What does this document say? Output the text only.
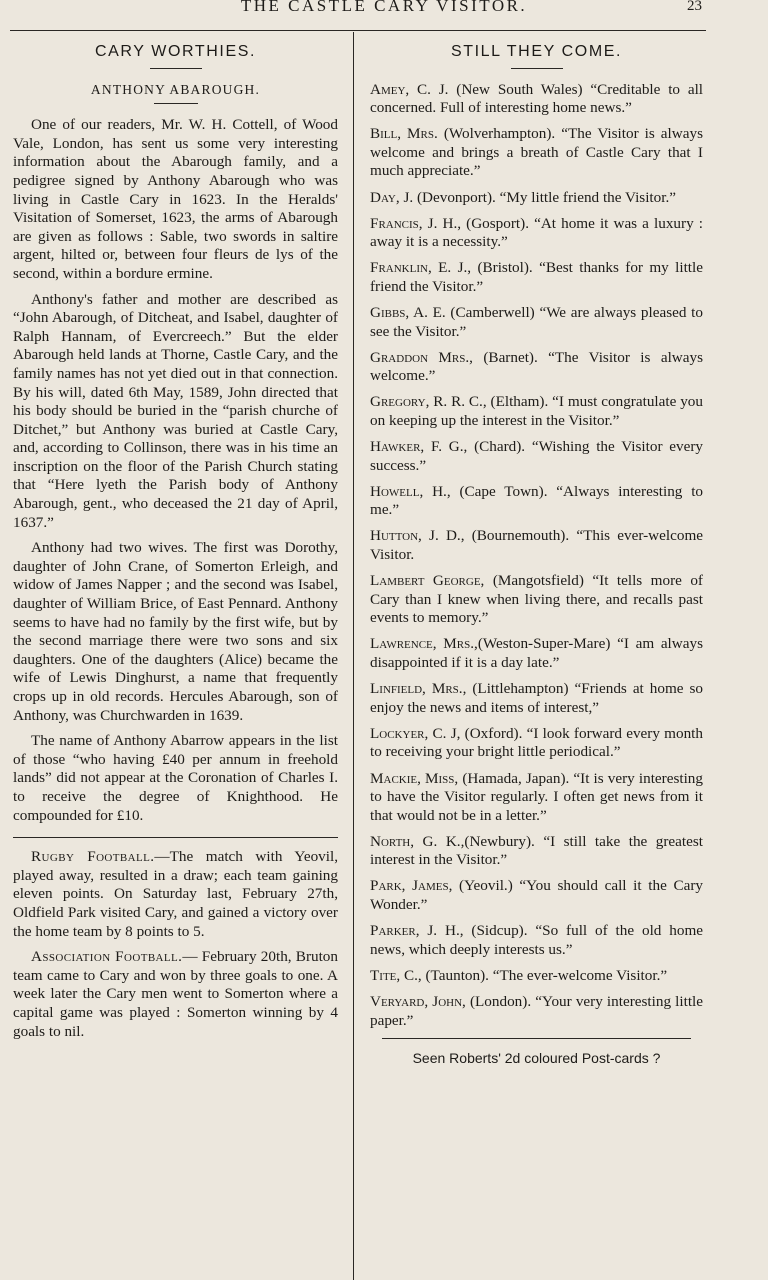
THE CASTLE CARY VISITOR.	23
CARY WORTHIES.
ANTHONY ABAROUGH.

One of our readers, Mr. W. H. Cottell, of Wood Vale, London, has sent us some very interesting information about the Abarough family, and a pedigree signed by Anthony Abarough who was living in Castle Cary in 1623. In the Heralds' Visitation of Somerset, 1623, the arms of Abarough are given as follows : Sable, two swords in saltire argent, hilted or, between four fleurs de lys of the second, within a bordure ermine.

Anthony's father and mother are described as “John Abarough, of Ditcheat, and Isabel, daughter of Ralph Hannam, of Evercreech.” But the elder Abarough held lands at Thorne, Castle Cary, and the family names has not yet died out in that connection. By his will, dated 6th May, 1589, John directed that his body should be buried in the “parish churche of Ditchet,” but Anthony was buried at Castle Cary, and, according to Collinson, there was in his time an inscription on the floor of the Parish Church stating that “Here lyeth the Parish body of Anthony Abarough, gent., who deceased the 21 day of April, 1637.”

Anthony had two wives. The first was Dorothy, daughter of John Crane, of Somerton Erleigh, and widow of James Napper ; and the second was Isabel, daughter of William Brice, of East Pennard. Anthony seems to have had no family by the first wife, but by the second marriage there were two sons and six daughters. One of the daughters (Alice) became the wife of Lewis Dinghurst, a name that frequently crops up in old records. Hercules Abarough, son of Anthony, was Churchwarden in 1639.

The name of Anthony Abarrow appears in the list of those “who having £40 per annum in freehold lands” did not appear at the Coronation of Charles I. to receive the degree of Knighthood. He compounded for £10.

Rugby Football.—The match with Yeovil, played away, resulted in a draw; each team gaining eleven points. On Saturday last, February 27th, Oldfield Park visited Cary, and gained a victory over the home team by 8 points to 5.

Association Football.— February 20th, Bruton team came to Cary and won by three goals to one. A week later the Cary men went to Somerton where a capital game was played : Somerton winning by 4 goals to nil.

STILL THEY COME.

Amey, C. J. (New South Wales) “Creditable to all concerned. Full of interesting home news.”

Bill, Mrs. (Wolverhampton). “The Visitor is always welcome and brings a breath of Castle Cary that I much appreciate.”

Day, J. (Devonport). “My little friend the Visitor.”

Francis, J. H., (Gosport). “At home it was a luxury : away it is a necessity.”

Franklin, E. J., (Bristol). “Best thanks for my little friend the Visitor.”

Gibbs, A. E. (Camberwell) “We are always pleased to see the Visitor.”

Graddon Mrs., (Barnet). “The Visitor is always welcome.”

Gregory, R. R. C., (Eltham). “I must congratulate you on keeping up the interest in the Visitor.”

Hawker, F. G., (Chard). “Wishing the Visitor every success.”

Howell, H., (Cape Town). “Always interesting to me.”

Hutton, J. D., (Bournemouth). “This ever-welcome Visitor.

Lambert George, (Mangotsfield) “It tells more of Cary than I knew when living there, and recalls past events to memory.”

Lawrence, Mrs.,(Weston-Super-Mare) “I am always disappointed if it is a day late.”

Linfield, Mrs., (Littlehampton) “Friends at home so enjoy the news and items of interest,”

Lockyer, C. J, (Oxford). “I look forward every month to receiving your bright little periodical.”

Mackie, Miss, (Hamada, Japan). “It is very interesting to have the Visitor regularly. I often get news from it that would not be in a letter.”

North, G. K.,(Newbury). “I still take the greatest interest in the Visitor.”

Park, James, (Yeovil.) “You should call it the Cary Wonder.”

Parker, J. H., (Sidcup). “So full of the old home news, which deeply interests us.”

Tite, C., (Taunton). “The ever-welcome Visitor.”

Veryard, John, (London). “Your very interesting little paper.”

Seen Roberts' 2d coloured Post-cards ?
